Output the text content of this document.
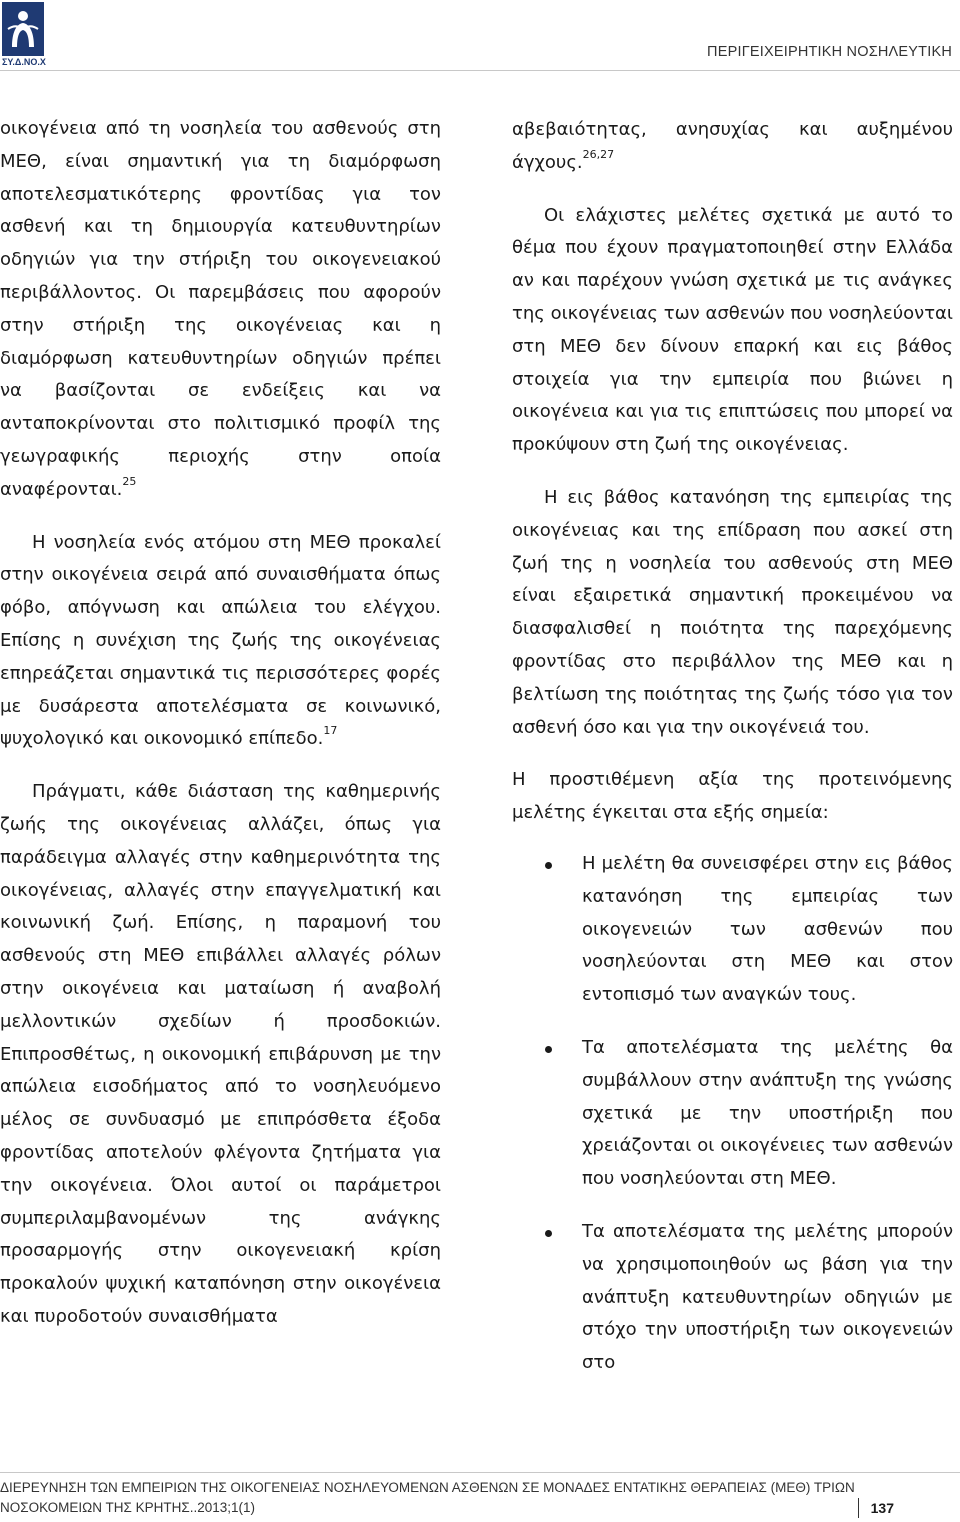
ΣΥ.Δ.ΝΟ.Χ
ΠΕΡΙΓΕΙΧΕΙΡΗΤΙΚΗ ΝΟΣΗΛΕΥΤΙΚΗ

οικογένεια από τη νοσηλεία του ασθενούς στη ΜΕΘ, είναι σημαντική για τη διαμόρφωση αποτελεσματικότερης φροντίδας για τον ασθενή και τη δημιουργία κατευθυντηρίων οδηγιών για την στήριξη του οικογενειακού περιβάλλοντος. Οι παρεμβάσεις που αφορούν στην στήριξη της οικογένειας και η διαμόρφωση κατευθυντηρίων οδηγιών πρέπει να βασίζονται σε ενδείξεις και να ανταποκρίνονται στο πολιτισμικό προφίλ της γεωγραφικής περιοχής στην οποία αναφέρονται.$^{25}$

Η νοσηλεία ενός ατόμου στη ΜΕΘ προκαλεί στην οικογένεια σειρά από συναισθήματα όπως φόβο, απόγνωση και απώλεια του ελέγχου. Επίσης η συνέχιση της ζωής της οικογένειας επηρεάζεται σημαντικά τις περισσότερες φορές με δυσάρεστα αποτελέσματα σε κοινωνικό, ψυχολογικό και οικονομικό επίπεδο.$^{17}$

Πράγματι, κάθε διάσταση της καθημερινής ζωής της οικογένειας αλλάζει, όπως για παράδειγμα αλλαγές στην καθημερινότητα της οικογένειας, αλλαγές στην επαγγελματική και κοινωνική ζωή. Επίσης, η παραμονή του ασθενούς στη ΜΕΘ επιβάλλει αλλαγές ρόλων στην οικογένεια και ματαίωση ή αναβολή μελλοντικών σχεδίων ή προσδοκιών. Επιπροσθέτως, η οικονομική επιβάρυνση με την απώλεια εισοδήματος από το νοσηλευόμενο μέλος σε συνδυασμό με επιπρόσθετα έξοδα φροντίδας αποτελούν φλέγοντα ζητήματα για την οικογένεια. Όλοι αυτοί οι παράμετροι συμπεριλαμβανομένων της ανάγκης προσαρμογής στην οικογενειακή κρίση προκαλούν ψυχική καταπόνηση στην οικογένεια και πυροδοτούν συναισθήματα

αβεβαιότητας, ανησυχίας και αυξημένου άγχους.$^{26,27}$

Οι ελάχιστες μελέτες σχετικά με αυτό το θέμα που έχουν πραγματοποιηθεί στην Ελλάδα αν και παρέχουν γνώση σχετικά με τις ανάγκες της οικογένειας των ασθενών που νοσηλεύονται στη ΜΕΘ δεν δίνουν επαρκή και εις βάθος στοιχεία για την εμπειρία που βιώνει η οικογένεια και για τις επιπτώσεις που μπορεί να προκύψουν στη ζωή της οικογένειας.

Η εις βάθος κατανόηση της εμπειρίας της οικογένειας και της επίδραση που ασκεί στη ζωή της η νοσηλεία του ασθενούς στη ΜΕΘ είναι εξαιρετικά σημαντική προκειμένου να διασφαλισθεί η ποιότητα της παρεχόμενης φροντίδας στο περιβάλλον της ΜΕΘ και η βελτίωση της ποιότητας της ζωής τόσο για τον ασθενή όσο και για την οικογένειά του.

Η προστιθέμενη αξία της προτεινόμενης μελέτης έγκειται στα εξής σημεία:

Η μελέτη θα συνεισφέρει στην εις βάθος κατανόηση της εμπειρίας των οικογενειών των ασθενών που νοσηλεύονται στη ΜΕΘ και στον εντοπισμό των αναγκών τους.
Τα αποτελέσματα της μελέτης θα συμβάλλουν στην ανάπτυξη της γνώσης σχετικά με την υποστήριξη που χρειάζονται οι οικογένειες των ασθενών που νοσηλεύονται στη ΜΕΘ.
Τα αποτελέσματα της μελέτης μπορούν να χρησιμοποιηθούν ως βάση για την ανάπτυξη κατευθυντηρίων οδηγιών με στόχο την υποστήριξη των οικογενειών στο
ΔΙΕΡΕΥΝΗΣΗ ΤΩΝ ΕΜΠΕΙΡΙΩΝ ΤΗΣ ΟΙΚΟΓΕΝΕΙΑΣ ΝΟΣΗΛΕΥΟΜΕΝΩΝ ΑΣΘΕΝΩΝ ΣΕ ΜΟΝΑΔΕΣ ΕΝΤΑΤΙΚΗΣ ΘΕΡΑΠΕΙΑΣ (ΜΕΘ) ΤΡΙΩΝ
ΝΟΣΟΚΟΜΕΙΩΝ ΤΗΣ ΚΡΗΤΗΣ..2013;1(1)	137
